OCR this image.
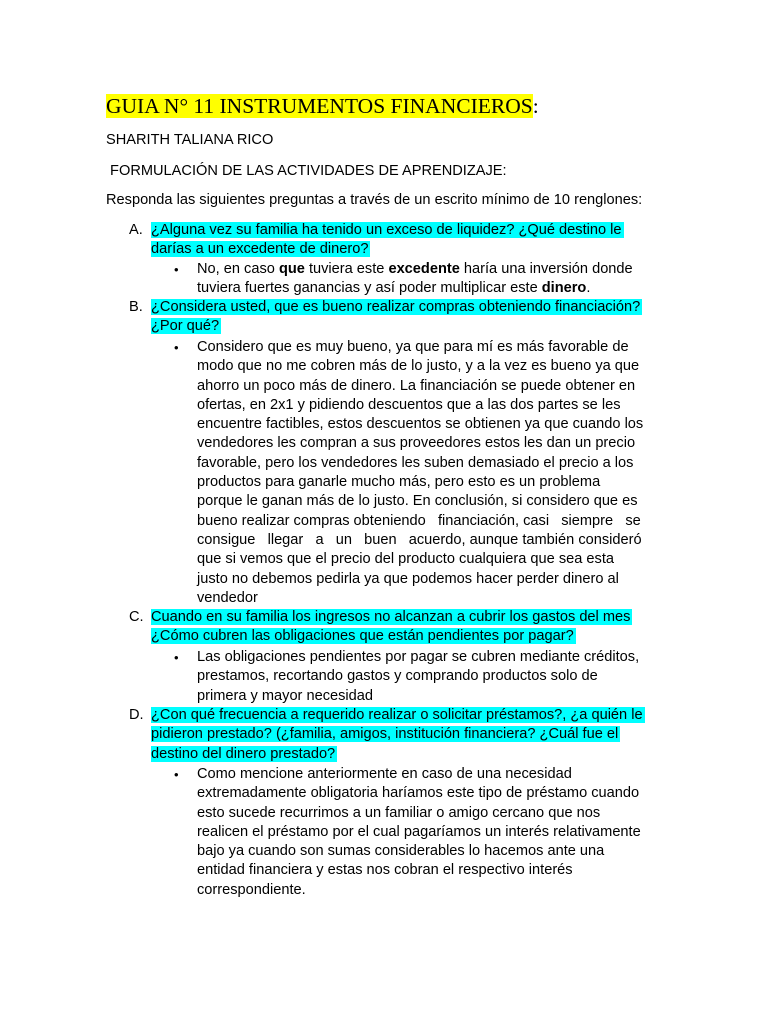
GUIA N° 11 INSTRUMENTOS FINANCIEROS:
SHARITH TALIANA RICO
FORMULACIÓN DE LAS ACTIVIDADES DE APRENDIZAJE:
Responda las siguientes preguntas a través de un escrito mínimo de 10 renglones:
A. ¿Alguna vez su familia ha tenido un exceso de liquidez? ¿Qué destino le
darías a un excedente de dinero?
• No, en caso que tuviera este excedente haría una inversión donde
tuviera fuertes ganancias y así poder multiplicar este dinero.
B. ¿Considera usted, que es bueno realizar compras obteniendo financiación?
¿Por qué?
• Considero que es muy bueno, ya que para mí es más favorable de
modo que no me cobren más de lo justo, y a la vez es bueno ya que
ahorro un poco más de dinero. La financiación se puede obtener en
ofertas, en 2x1 y pidiendo descuentos que a las dos partes se les
encuentre factibles, estos descuentos se obtienen ya que cuando los
vendedores les compran a sus proveedores estos les dan un precio
favorable, pero los vendedores les suben demasiado el precio a los
productos para ganarle mucho más, pero esto es un problema
porque le ganan más de lo justo. En conclusión, si considero que es
bueno realizar compras obteniendo   financiación, casi   siempre   se
consigue   llegar   a   un   buen   acuerdo, aunque también consideró
que si vemos que el precio del producto cualquiera que sea esta
justo no debemos pedirla ya que podemos hacer perder dinero al
vendedor
C. Cuando en su familia los ingresos no alcanzan a cubrir los gastos del mes
¿Cómo cubren las obligaciones que están pendientes por pagar?
• Las obligaciones pendientes por pagar se cubren mediante créditos,
prestamos, recortando gastos y comprando productos solo de
primera y mayor necesidad
D. ¿Con qué frecuencia a requerido realizar o solicitar préstamos?, ¿a quién le
pidieron prestado? (¿familia, amigos, institución financiera? ¿Cuál fue el
destino del dinero prestado?
• Como mencione anteriormente en caso de una necesidad
extremadamente obligatoria haríamos este tipo de préstamo cuando
esto sucede recurrimos a un familiar o amigo cercano que nos
realicen el préstamo por el cual pagaríamos un interés relativamente
bajo ya cuando son sumas considerables lo hacemos ante una
entidad financiera y estas nos cobran el respectivo interés
correspondiente.
